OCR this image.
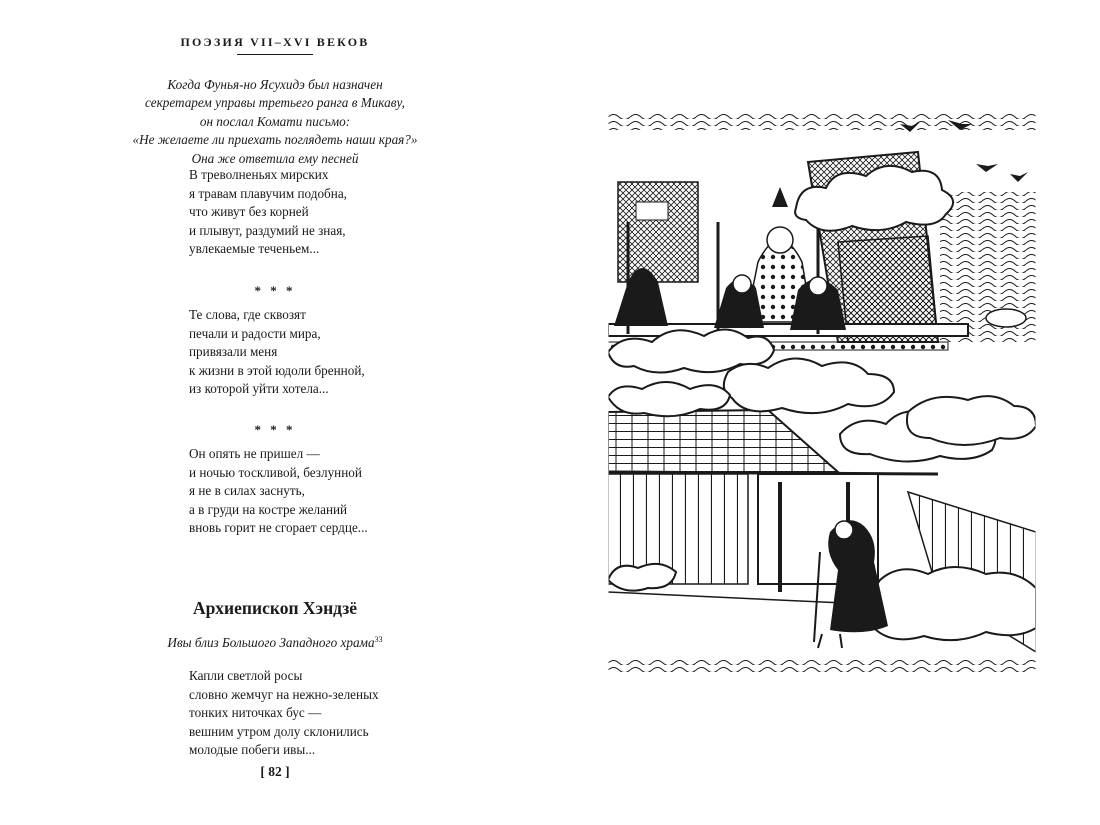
ПОЭЗИЯ VII–XVI ВЕКОВ
Когда Фунья-но Ясухидэ был назначен
секретарем управы третьего ранга в Микаву,
он послал Комати письмо:
«Не желаете ли приехать поглядеть наши края?»
Она же ответила ему песней
В треволненьях мирских
я травам плавучим подобна,
что живут без корней
и плывут, раздумий не зная,
увлекаемые теченьем...
* * *
Те слова, где сквозят
печали и радости мира,
привязали меня
к жизни в этой юдоли бренной,
из которой уйти хотела...
* * *
Он опять не пришел —
и ночью тоскливой, безлунной
я не в силах заснуть,
а в груди на костре желаний
вновь горит не сгорает сердце...
Архиепископ Хэндзё
Ивы близ Большого Западного храма$^{33}$
Капли светлой росы
словно жемчуг на нежно-зеленых
тонких ниточках бус —
вешним утром долу склонились
молодые побеги ивы...
[ 82 ]
